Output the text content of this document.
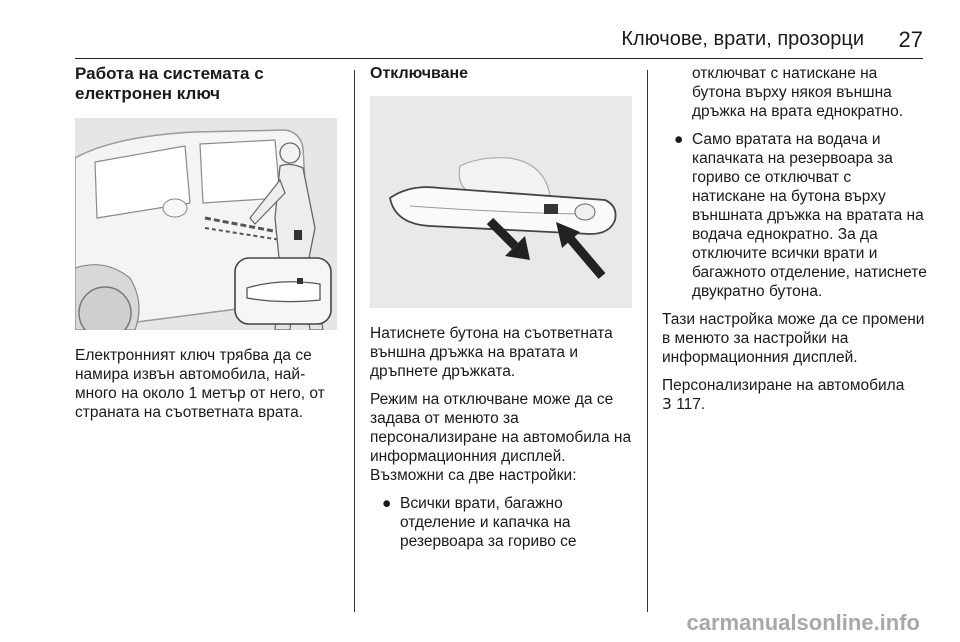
Ключове, врати, прозорци 27
Работа на системата с електронен ключ

Електронният ключ трябва да се намира извън автомобила, най-много на около 1 метър от него, от страната на съответната врата.

Отключване

Натиснете бутона на съответната външна дръжка на вратата и дръпнете дръжката.

Режим на отключване може да се задава от менюто за персонализиране на автомобила на информационния дисплей. Възможни са две настройки:

● Всички врати, багажно отделение и капачка на резервоара за гориво се
отключват с натискане на бутона върху някоя външна дръжка на врата еднократно.
● Само вратата на водача и капачката на резервоара за гориво се отключват с натискане на бутона върху външната дръжка на вратата на водача еднократно. За да отключите всички врати и багажното отделение, натиснете двукратно бутона.

Тази настройка може да се промени в менюто за настройки на информационния дисплей.

Персонализиране на автомобила
3 117.

carmanualsonline.info
